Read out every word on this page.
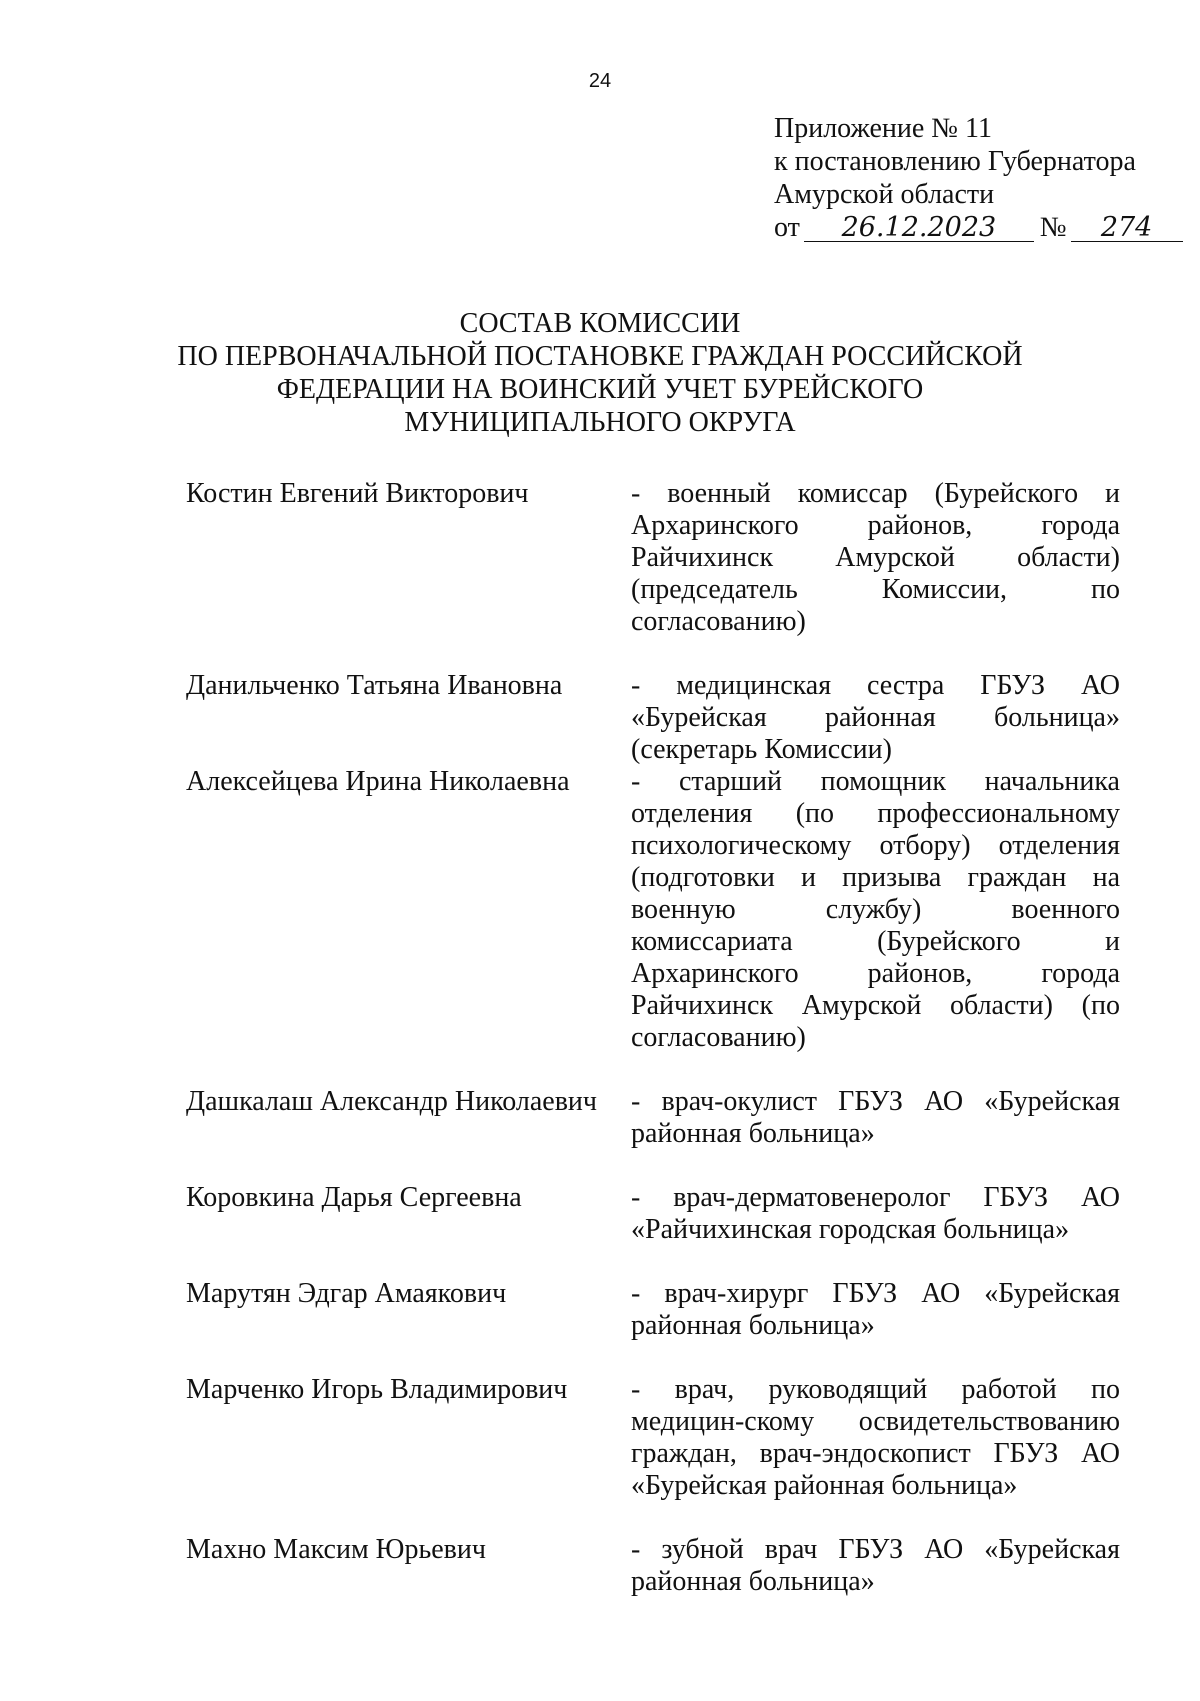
24
Приложение № 11
к постановлению Губернатора
Амурской области
от 26.12.2023 № 274
СОСТАВ КОМИССИИ
ПО ПЕРВОНАЧАЛЬНОЙ ПОСТАНОВКЕ ГРАЖДАН РОССИЙСКОЙ
ФЕДЕРАЦИИ НА ВОИНСКИЙ УЧЕТ БУРЕЙСКОГО
МУНИЦИПАЛЬНОГО ОКРУГА
Костин Евгений Викторович	- военный комиссар (Бурейского и Архаринского районов, города Райчихинск Амурской области) (председатель Комиссии, по согласованию)
Данильченко Татьяна Ивановна	- медицинская сестра ГБУЗ АО «Бурейская районная больница» (секретарь Комиссии)
Алексейцева Ирина Николаевна	- старший помощник начальника отделения (по профессиональному психологическому отбору) отделения (подготовки и призыва граждан на военную службу) военного комиссариата (Бурейского и Архаринского районов, города Райчихинск Амурской области) (по согласованию)
Дашкалаш Александр Николаевич	- врач-окулист ГБУЗ АО «Бурейская районная больница»
Коровкина Дарья Сергеевна	- врач-дерматовенеролог ГБУЗ АО «Райчихинская городская больница»
Марутян Эдгар Амаякович	- врач-хирург ГБУЗ АО «Бурейская районная больница»
Марченко Игорь Владимирович	- врач, руководящий работой по медицин-скому освидетельствованию граждан, врач-эндоскопист ГБУЗ АО «Бурейская районная больница»
Махно Максим Юрьевич	- зубной врач ГБУЗ АО «Бурейская районная больница»
